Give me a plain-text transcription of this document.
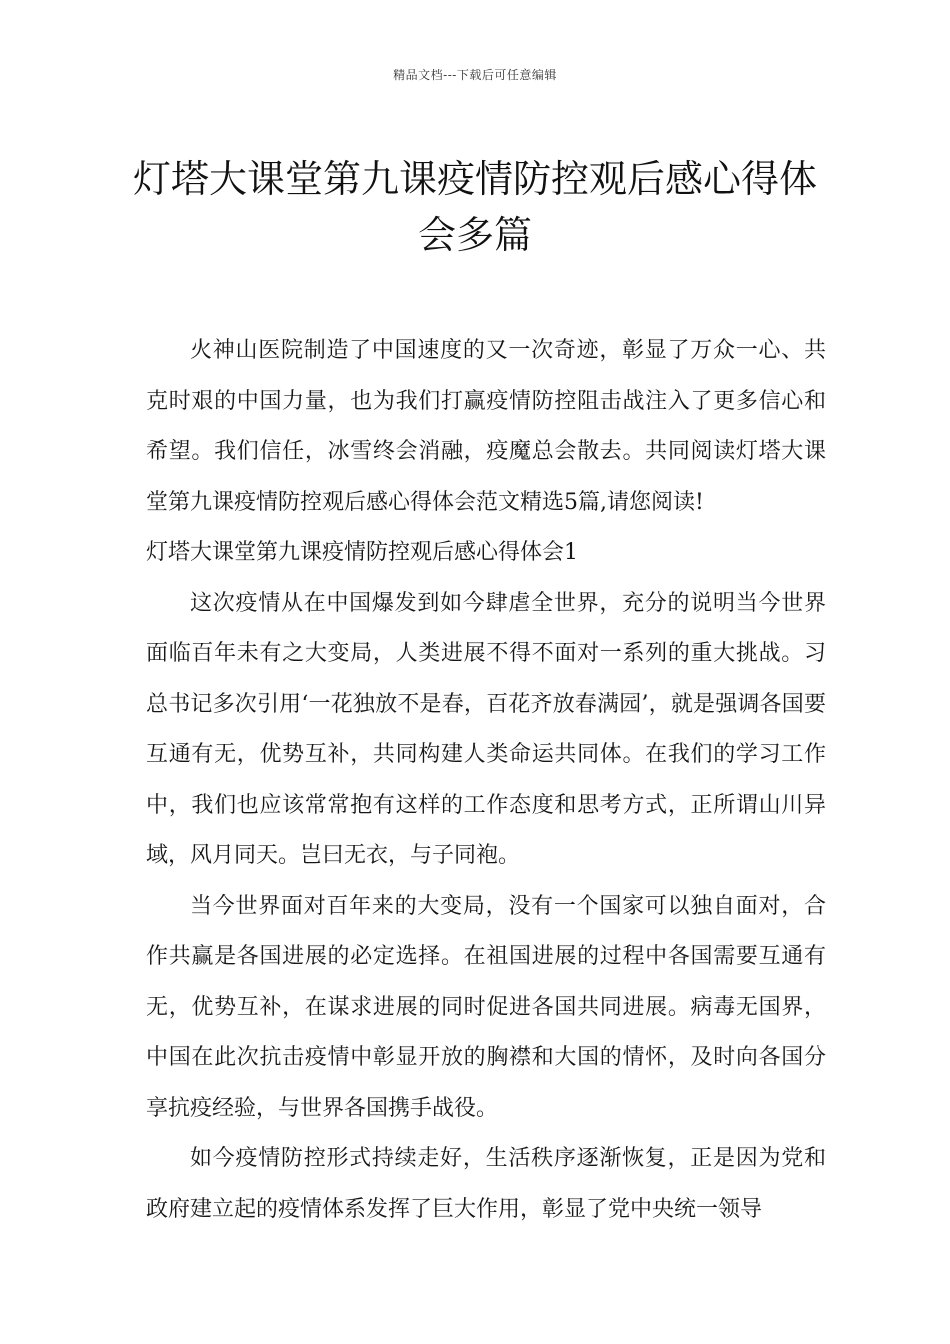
精品文档---下载后可任意编辑
灯塔大课堂第九课疫情防控观后感心得体会多篇

火神山医院制造了中国速度的又一次奇迹，彰显了万众一心、共克时艰的中国力量，也为我们打赢疫情防控阻击战注入了更多信心和希望。我们信任，冰雪终会消融，疫魔总会散去。共同阅读灯塔大课堂第九课疫情防控观后感心得体会范文精选5篇,请您阅读!

灯塔大课堂第九课疫情防控观后感心得体会1

这次疫情从在中国爆发到如今肆虐全世界，充分的说明当今世界面临百年未有之大变局，人类进展不得不面对一系列的重大挑战。习总书记多次引用‘一花独放不是春，百花齐放春满园’，就是强调各国要互通有无，优势互补，共同构建人类命运共同体。在我们的学习工作中，我们也应该常常抱有这样的工作态度和思考方式，正所谓山川异域，风月同天。岂曰无衣，与子同袍。

当今世界面对百年来的大变局，没有一个国家可以独自面对，合作共赢是各国进展的必定选择。在祖国进展的过程中各国需要互通有无，优势互补，在谋求进展的同时促进各国共同进展。病毒无国界，中国在此次抗击疫情中彰显开放的胸襟和大国的情怀，及时向各国分享抗疫经验，与世界各国携手战役。

如今疫情防控形式持续走好，生活秩序逐渐恢复，正是因为党和政府建立起的疫情体系发挥了巨大作用，彰显了党中央统一领导
